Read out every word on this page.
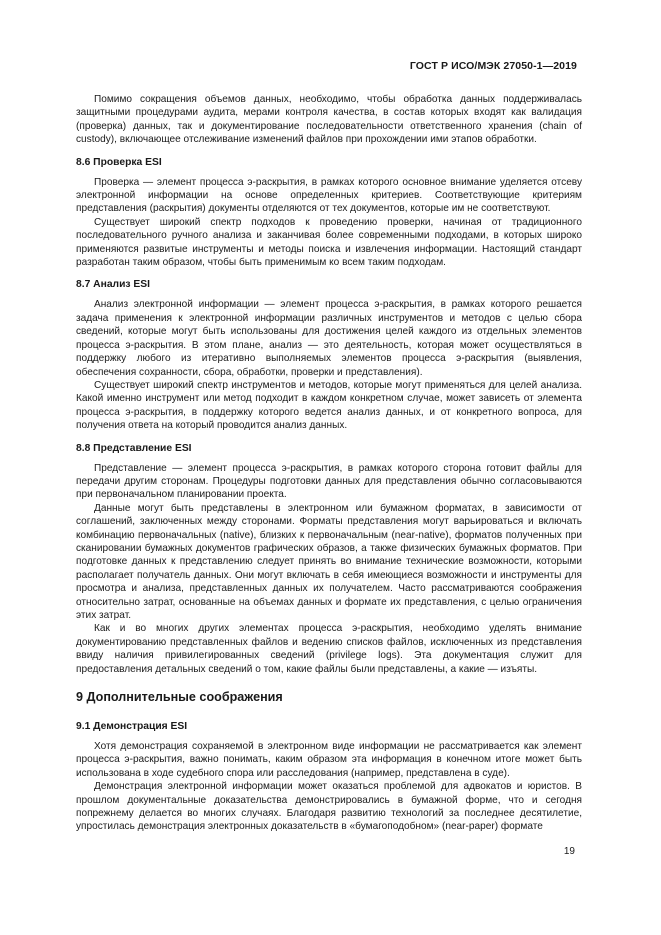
ГОСТ Р ИСО/МЭК 27050-1—2019

Помимо сокращения объемов данных, необходимо, чтобы обработка данных поддерживалась защитными процедурами аудита, мерами контроля качества, в состав которых входят как валидация (проверка) данных, так и документирование последовательности ответственного хранения (chain of custody), включающее отслеживание изменений файлов при прохождении ими этапов обработки.

8.6 Проверка ESI

Проверка — элемент процесса э-раскрытия, в рамках которого основное внимание уделяется отсеву электронной информации на основе определенных критериев. Соответствующие критериям представления (раскрытия) документы отделяются от тех документов, которые им не соответствуют.

Существует широкий спектр подходов к проведению проверки, начиная от традиционного последовательного ручного анализа и заканчивая более современными подходами, в которых широко применяются развитые инструменты и методы поиска и извлечения информации. Настоящий стандарт разработан таким образом, чтобы быть применимым ко всем таким подходам.

8.7 Анализ ESI

Анализ электронной информации — элемент процесса э-раскрытия, в рамках которого решается задача применения к электронной информации различных инструментов и методов с целью сбора сведений, которые могут быть использованы для достижения целей каждого из отдельных элементов процесса э-раскрытия. В этом плане, анализ — это деятельность, которая может осуществляться в поддержку любого из итеративно выполняемых элементов процесса э-раскрытия (выявления, обеспечения сохранности, сбора, обработки, проверки и представления).

Существует широкий спектр инструментов и методов, которые могут применяться для целей анализа. Какой именно инструмент или метод подходит в каждом конкретном случае, может зависеть от элемента процесса э-раскрытия, в поддержку которого ведется анализ данных, и от конкретного вопроса, для получения ответа на который проводится анализ данных.

8.8 Представление ESI

Представление — элемент процесса э-раскрытия, в рамках которого сторона готовит файлы для передачи другим сторонам. Процедуры подготовки данных для представления обычно согласовываются при первоначальном планировании проекта.

Данные могут быть представлены в электронном или бумажном форматах, в зависимости от соглашений, заключенных между сторонами. Форматы представления могут варьироваться и включать комбинацию первоначальных (native), близких к первоначальным (near-native), форматов полученных при сканировании бумажных документов графических образов, а также физических бумажных форматов. При подготовке данных к представлению следует принять во внимание технические возможности, которыми располагает получатель данных. Они могут включать в себя имеющиеся возможности и инструменты для просмотра и анализа, представленных данных их получателем. Часто рассматриваются соображения относительно затрат, основанные на объемах данных и формате их представления, с целью ограничения этих затрат.

Как и во многих других элементах процесса э-раскрытия, необходимо уделять внимание документированию представленных файлов и ведению списков файлов, исключенных из представления ввиду наличия привилегированных сведений (privilege logs). Эта документация служит для предоставления детальных сведений о том, какие файлы были представлены, а какие — изъяты.

9 Дополнительные соображения
9.1 Демонстрация ESI

Хотя демонстрация сохраняемой в электронном виде информации не рассматривается как элемент процесса э-раскрытия, важно понимать, каким образом эта информация в конечном итоге может быть использована в ходе судебного спора или расследования (например, представлена в суде).

Демонстрация электронной информации может оказаться проблемой для адвокатов и юристов. В прошлом документальные доказательства демонстрировались в бумажной форме, что и сегодня попрежнему делается во многих случаях. Благодаря развитию технологий за последнее десятилетие, упростилась демонстрация электронных доказательств в «бумагоподобном» (near-paper) формате

19
